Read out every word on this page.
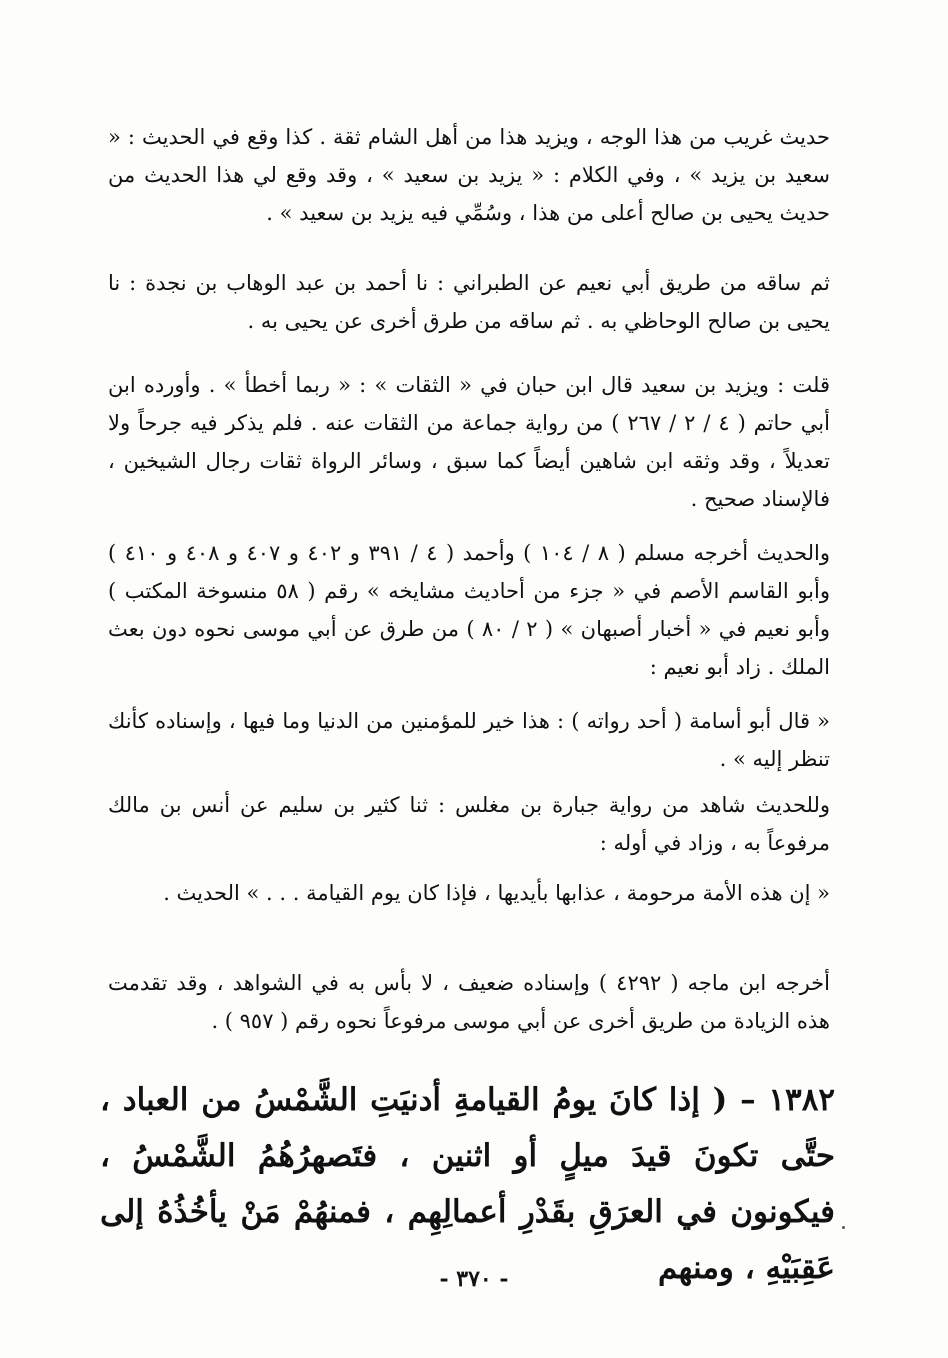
حديث غريب من هذا الوجه ، ويزيد هذا من أهل الشام ثقة . كذا وقع في الحديث : « سعيد بن يزيد » ، وفي الكلام : « يزيد بن سعيد » ، وقد وقع لي هذا الحديث من حديث يحيى بن صالح أعلى من هذا ، وسُمِّي فيه يزيد بن سعيد » .

ثم ساقه من طريق أبي نعيم عن الطبراني : نا أحمد بن عبد الوهاب بن نجدة : نا يحيى بن صالح الوحاظي به . ثم ساقه من طرق أخرى عن يحيى به .

قلت : ويزيد بن سعيد قال ابن حبان في « الثقات » : « ربما أخطأ » . وأورده ابن أبي حاتم ( ٤ / ٢ / ٢٦٧ ) من رواية جماعة من الثقات عنه . فلم يذكر فيه جرحاً ولا تعديلاً ، وقد وثقه ابن شاهين أيضاً كما سبق ، وسائر الرواة ثقات رجال الشيخين ، فالإسناد صحيح .

والحديث أخرجه مسلم ( ٨ / ١٠٤ ) وأحمد ( ٤ / ٣٩١ و ٤٠٢ و ٤٠٧ و ٤٠٨ و ٤١٠ ) وأبو القاسم الأصم في « جزء من أحاديث مشايخه » رقم ( ٥٨ منسوخة المكتب ) وأبو نعيم في « أخبار أصبهان » ( ٢ / ٨٠ ) من طرق عن أبي موسى نحوه دون بعث الملك . زاد أبو نعيم :

« قال أبو أسامة ( أحد رواته ) : هذا خير للمؤمنين من الدنيا وما فيها ، وإسناده كأنك تنظر إليه » .

وللحديث شاهد من رواية جبارة بن مغلس : ثنا كثير بن سليم عن أنس بن مالك مرفوعاً به ، وزاد في أوله :

« إن هذه الأمة مرحومة ، عذابها بأيديها ، فإذا كان يوم القيامة . . . » الحديث .

أخرجه ابن ماجه ( ٤٢٩٢ ) وإسناده ضعيف ، لا بأس به في الشواهد ، وقد تقدمت هذه الزيادة من طريق أخرى عن أبي موسى مرفوعاً نحوه رقم ( ٩٥٧ ) .

١٣٨٢ – ( إذا كانَ يومُ القيامةِ أدنيَتِ الشَّمْسُ من العباد ، حتَّى تكونَ قيدَ ميلٍ أو اثنين ، فتَصهرُهُمُ الشَّمْسُ ، فيكونون في العرَقِ بقَدْرِ أعمالِهِم ، فمنهُمْ مَنْ يأخُذُهُ إلى عَقِبَيْهِ ، ومنهم
- ٣٧٠ -
